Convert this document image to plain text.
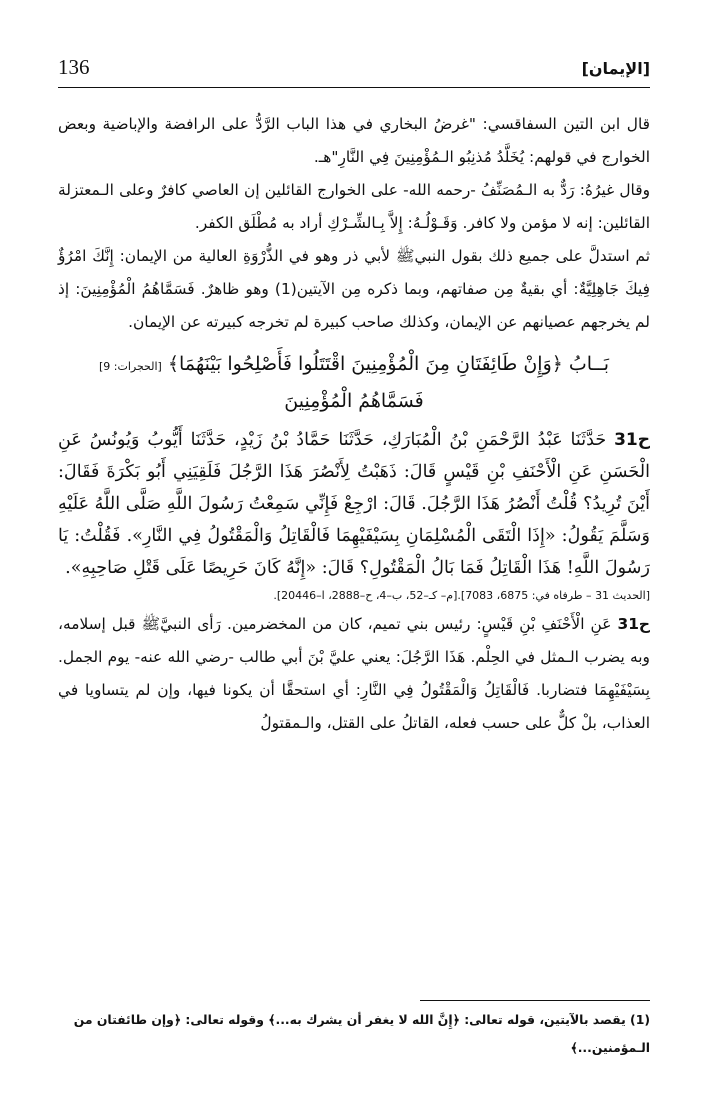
136	[الإيمان]

قال ابن التين السفاقسي: "غرضُ البخاري في هذا الباب الرَّدُّ على الرافضة والإباضية وبعض الخوارج في قولهم: يُخَلَّدُ مُذنِبُو الـمُؤْمِنِينَ فِي النَّارِ"هـ.

وقال غيرُهُ: رَدٌّ به الـمُصَنِّفُ -رحمه الله- على الخوارج القائلين إن العاصي كافرٌ وعلى الـمعتزلة القائلين: إنه لا مؤمن ولا كافر. وَقَـوْلُـهُ: إِلاَّ بِـالشِّـرْكِ أراد به مُطْلَق الكفر.

ثم استدلَّ على جميع ذلك بقول النبيﷺ لأبي ذر وهو في الذُّرْوَةِ العالية من الإيمان: إِنَّكَ امْرُؤٌ فِيكَ جَاهِلِيَّةٌ: أي بقيةٌ مِن صفاتهم، وبما ذكره مِن الآيتين(1) وهو ظاهرٌ. فَسَمَّاهُمُ الْمُؤْمِنِينَ: إذ لم يخرجهم عصيانهم عن الإيمان، وكذلك صاحب كبيرة لم تخرجه كبيرته عن الإيمان.

بَــابُ ﴿وَإِنْ طَائِفَتَانِ مِنَ الْمُؤْمِنِينَ اقْتَتَلُوا فَأَصْلِحُوا بَيْنَهُمَا﴾ [الحجرات: 9]
فَسَمَّاهُمُ الْمُؤْمِنِينَ

ح31 حَدَّثَنَا عَبْدُ الرَّحْمَنِ بْنُ الْمُبَارَكِ، حَدَّثَنَا حَمَّادُ بْنُ زَيْدٍ، حَدَّثَنَا أَيُّوبُ وَيُونُسُ عَنِ الْحَسَنِ عَنِ الْأَحْنَفِ بْنِ قَيْسٍ قَالَ: ذَهَبْتُ لِأَنْصُرَ هَذَا الرَّجُلَ فَلَقِيَنِي أَبُو بَكْرَةَ فَقَالَ: أَيْنَ تُرِيدُ؟ قُلْتُ أَنْصُرُ هَذَا الرَّجُلَ. قَالَ: ارْجِعْ فَإِنِّي سَمِعْتُ رَسُولَ اللَّهِ صَلَّى اللَّهُ عَلَيْهِ وَسَلَّمَ يَقُولُ: «إِذَا الْتَقَى الْمُسْلِمَانِ بِسَيْفَيْهِمَا فَالْقَاتِلُ وَالْمَقْتُولُ فِي النَّارِ». فَقُلْتُ: يَا رَسُولَ اللَّهِ! هَذَا الْقَاتِلُ فَمَا بَالُ الْمَقْتُولِ؟ قَالَ: «إِنَّهُ كَانَ حَرِيصًا عَلَى قَتْلِ صَاحِبِهِ».

[الحديث 31 – طرفاه في: 6875، 7083].[م– كـ–52، ب–4، ح–2888، ا–20446].

ح31 عَنِ الْأَحْنَفِ بْنِ قَيْسٍ: رئيس بني تميم، كان من المخضرمين. رَأى النبيَّﷺ قبل إسلامه، وبه يضرب الـمثل في الحِلْم. هَذَا الرَّجُلَ: يعني عليَّ بْنَ أبي طالب -رضي الله عنه- يوم الجمل. بِسَيْفَيْهِمَا فتضاربا. فَالْقَاتِلُ وَالْمَقْتُولُ فِي النَّارِ: أي استحقَّا أن يكونا فيها، وإن لم يتساويا في العذاب، بلْ كلٌّ على حسب فعله، القاتلُ على القتل، والـمقتولُ

(1) يقصد بالآيتين، قوله تعالى: ﴿إِنَّ الله لا يغفر أن يشرك به...﴾ وقوله تعالى: ﴿وإن طائفتان من الـمؤمنين...﴾
